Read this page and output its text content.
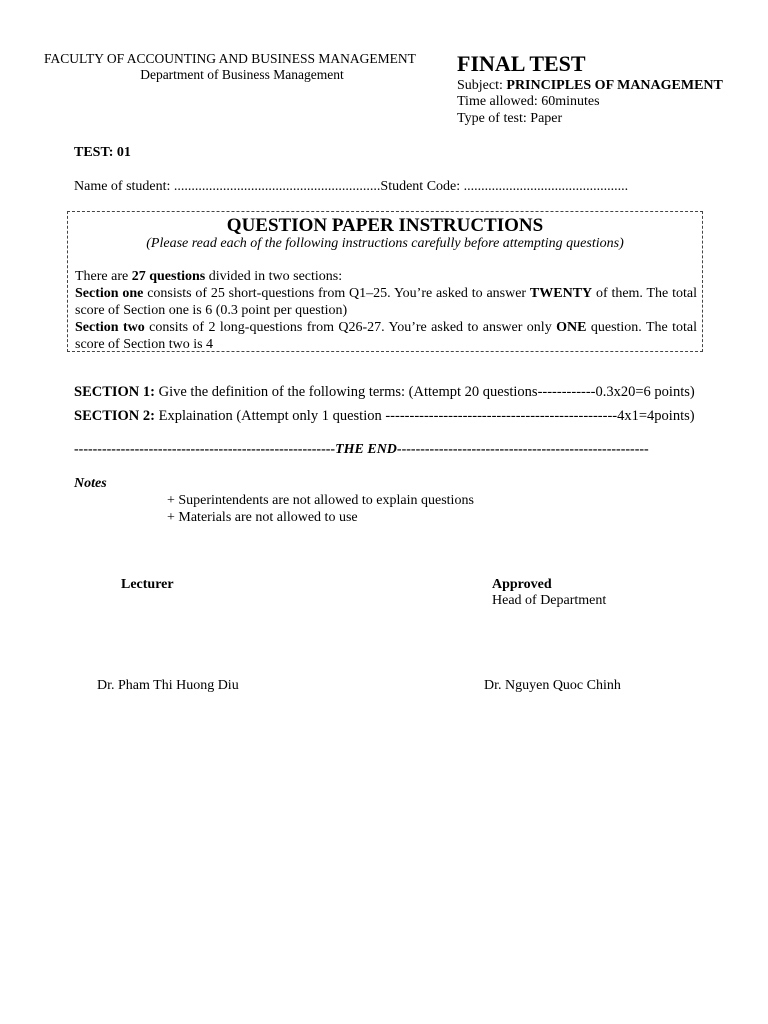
FACULTY OF ACCOUNTING AND BUSINESS MANAGEMENT
Department of Business Management	FINAL TEST
Subject: PRINCIPLES OF MANAGEMENT
Time allowed: 60minutes
Type of test: Paper
TEST: 01
Name of student: ...........................................................Student Code: ...............................................
QUESTION PAPER INSTRUCTIONS
(Please read each of the following instructions carefully before attempting questions)

There are 27 questions divided in two sections:

Section one consists of 25 short-questions from Q1–25. You’re asked to answer TWENTY of them. The total score of Section one is 6 (0.3 point per question)

Section two consits of 2 long-questions from Q26-27. You’re asked to answer only ONE question. The total score of Section two is 4

SECTION 1: Give the definition of the following terms: (Attempt 20 questions------------0.3x20=6 points)
SECTION 2: Explaination (Attempt only 1 question ------------------------------------------------4x1=4points)
--------------------------------------------------------THE END------------------------------------------------------
Notes
+ Superintendents are not allowed to explain questions
+ Materials are not allowed to use
Lecturer	Approved
Head of Department
Dr. Pham Thi Huong Diu	Dr. Nguyen Quoc Chinh
